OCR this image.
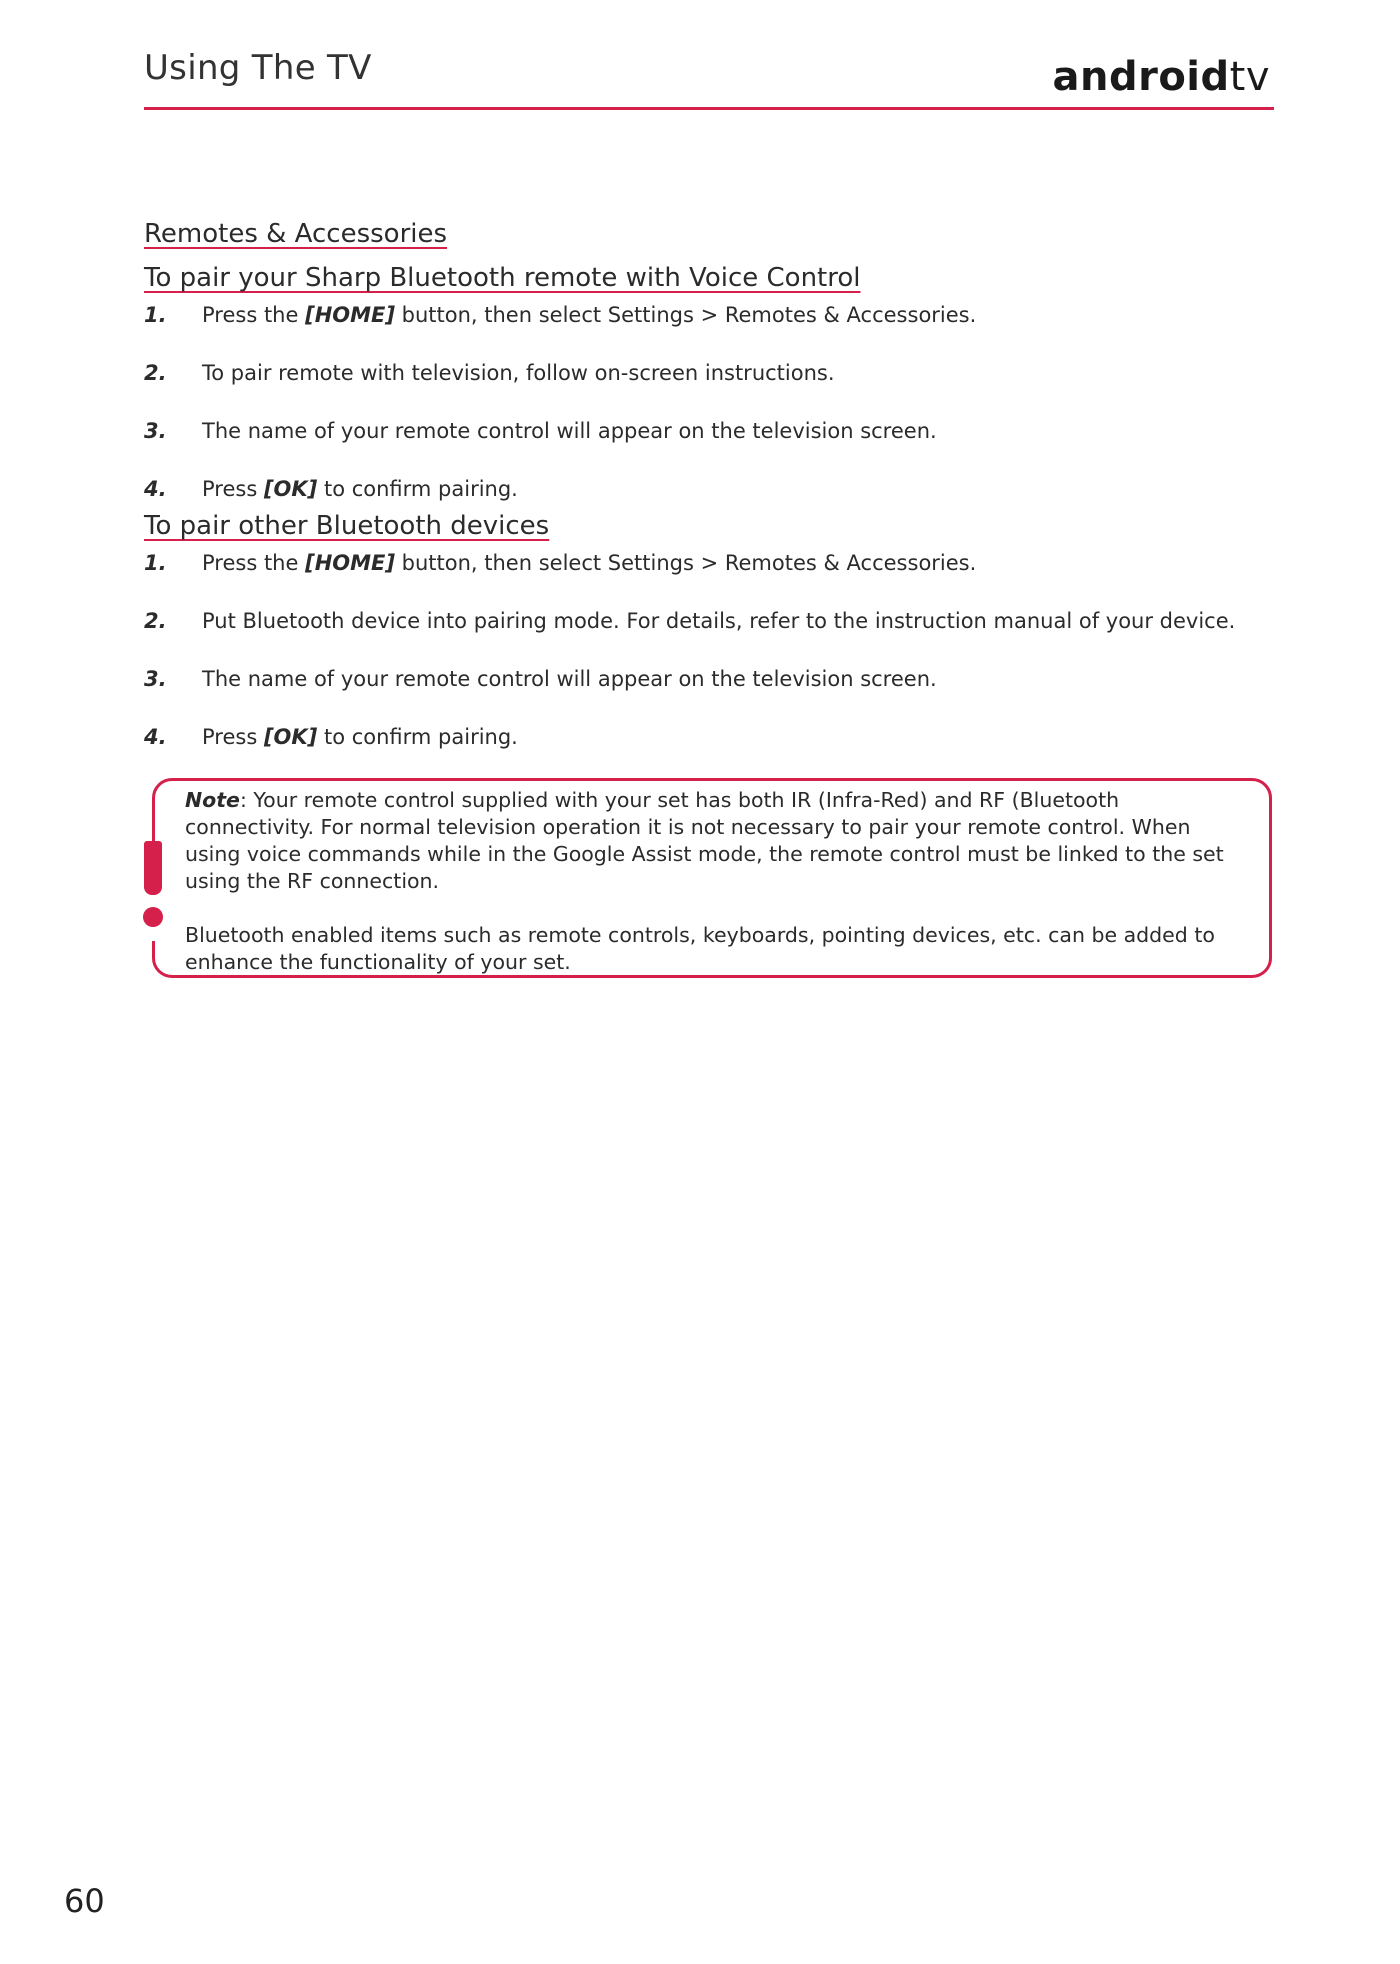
Using The TV	androidtv
Remotes & Accessories
To pair your Sharp Bluetooth remote with Voice Control
1.	Press the [HOME] button, then select Settings > Remotes & Accessories.
2.	To pair remote with television, follow on-screen instructions.
3.	The name of your remote control will appear on the television screen.
4.	Press [OK] to confirm pairing.
To pair other Bluetooth devices
1.	Press the [HOME] button, then select Settings > Remotes & Accessories.
2.	Put Bluetooth device into pairing mode. For details, refer to the instruction manual of your device.
3.	The name of your remote control will appear on the television screen.
4.	Press [OK] to confirm pairing.

Note: Your remote control supplied with your set has both IR (Infra-Red) and RF (Bluetooth connectivity. For normal television operation it is not necessary to pair your remote control. When using voice commands while in the Google Assist mode, the remote control must be linked to the set using the RF connection.

Bluetooth enabled items such as remote controls, keyboards, pointing devices, etc. can be added to enhance the functionality of your set.

60
